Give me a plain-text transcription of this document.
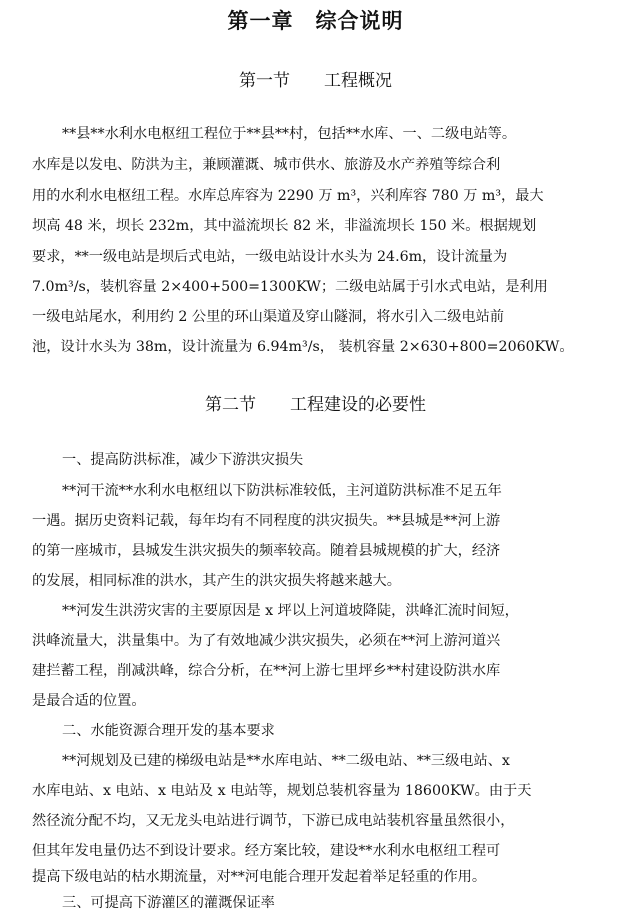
第一章　综合说明
第一节　　工程概况
**县**水利水电枢纽工程位于**县**村，包括**水库、一、二级电站等。
水库是以发电、防洪为主，兼顾灌溉、城市供水、旅游及水产养殖等综合利
用的水利水电枢纽工程。水库总库容为 2290 万 m³，兴利库容 780 万 m³，最大
坝高 48 米，坝长 232m，其中溢流坝长 82 米，非溢流坝长 150 米。根据规划
要求，**一级电站是坝后式电站，一级电站设计水头为 24.6m，设计流量为
7.0m³/s，装机容量 2×400+500=1300KW；二级电站属于引水式电站，是利用
一级电站尾水，利用约 2 公里的环山渠道及穿山隧洞，将水引入二级电站前
池，设计水头为 38m，设计流量为 6.94m³/s， 装机容量 2×630+800=2060KW。
第二节　　工程建设的必要性
一、提高防洪标准，减少下游洪灾损失
**河干流**水利水电枢纽以下防洪标准较低，主河道防洪标准不足五年
一遇。据历史资料记载，每年均有不同程度的洪灾损失。**县城是**河上游
的第一座城市，县城发生洪灾损失的频率较高。随着县城规模的扩大，经济
的发展，相同标准的洪水，其产生的洪灾损失将越来越大。
**河发生洪涝灾害的主要原因是 x 坪以上河道坡降陡，洪峰汇流时间短，
洪峰流量大，洪量集中。为了有效地减少洪灾损失，必须在**河上游河道兴
建拦蓄工程，削减洪峰，综合分析，在**河上游七里坪乡**村建设防洪水库
是最合适的位置。
二、水能资源合理开发的基本要求
**河规划及已建的梯级电站是**水库电站、**二级电站、**三级电站、x
水库电站、x 电站、x 电站及 x 电站等，规划总装机容量为 18600KW。由于天
然径流分配不均，又无龙头电站进行调节，下游已成电站装机容量虽然很小，
但其年发电量仍达不到设计要求。经方案比较，建设**水利水电枢纽工程可
提高下级电站的枯水期流量，对**河电能合理开发起着举足轻重的作用。
三、可提高下游灌区的灌溉保证率
